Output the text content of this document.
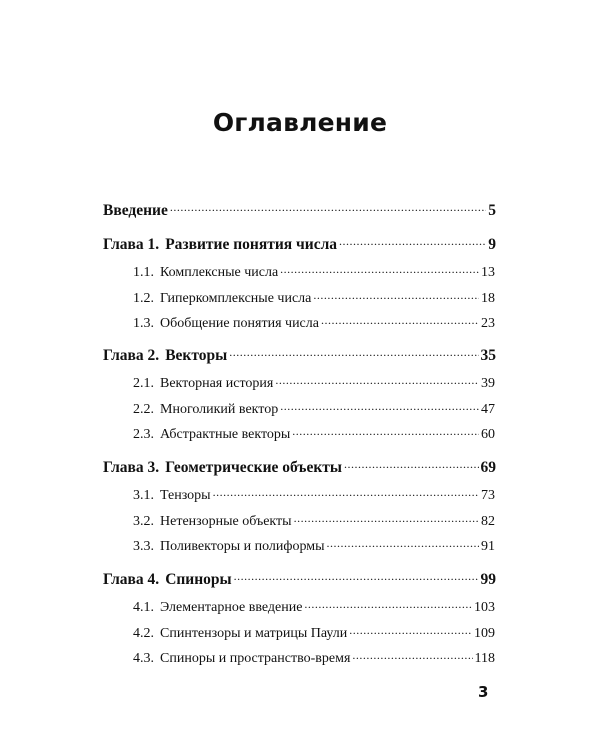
Оглавление
Введение .....	5
Глава 1. Развитие понятия числа .....	9
1.1. Комплексные числа .....	13
1.2. Гиперкомплексные числа .....	18
1.3. Обобщение понятия числа .....	23
Глава 2. Векторы .....	35
2.1. Векторная история .....	39
2.2. Многоликий вектор .....	47
2.3. Абстрактные векторы .....	60
Глава 3. Геометрические объекты .....	69
3.1. Тензоры .....	73
3.2. Нетензорные объекты .....	82
3.3. Поливекторы и полиформы .....	91
Глава 4. Спиноры .....	99
4.1. Элементарное введение .....	103
4.2. Спинтензоры и матрицы Паули .....	109
4.3. Спиноры и пространство-время .....	118
3
